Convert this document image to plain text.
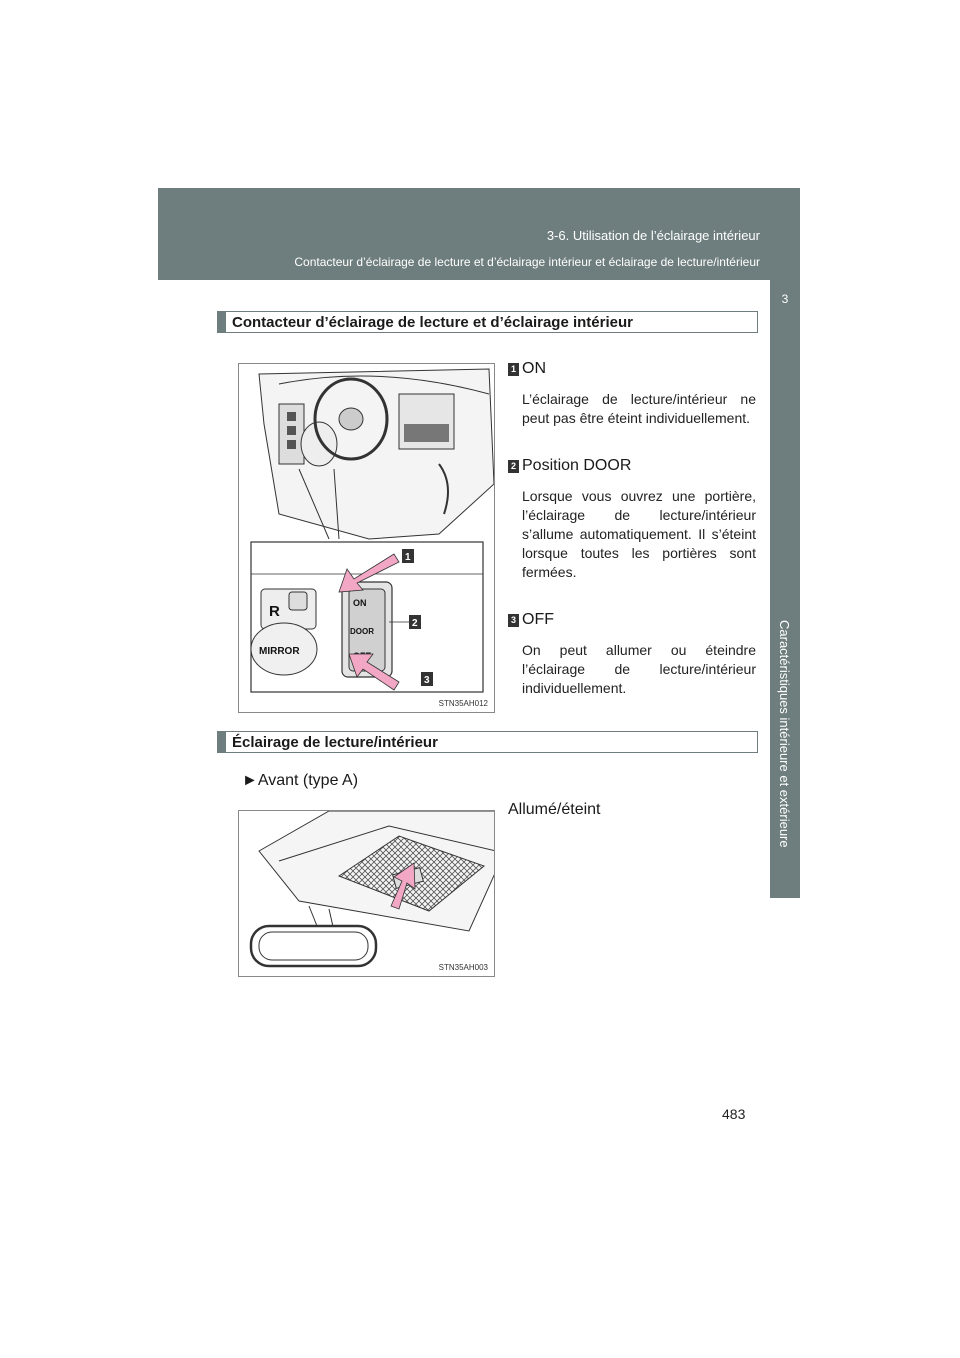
3-6. Utilisation de l’éclairage intérieur
Contacteur d’éclairage de lecture et d’éclairage intérieur et éclairage de lecture/intérieur
3
Caractéristiques intérieure et extérieure
Contacteur d’éclairage de lecture et d’éclairage intérieur
R
MIRROR
ON
DOOR
1
2
3
STN35AH012
1 ON
L’éclairage de lecture/intérieur ne peut pas être éteint individuellement.
2 Position DOOR
Lorsque vous ouvrez une portière, l’éclairage de lecture/intérieur s’allume automatiquement. Il s’éteint lorsque toutes les portières sont fermées.
3 OFF
On peut allumer ou éteindre l’éclairage de lecture/intérieur individuellement.
Éclairage de lecture/intérieur
►Avant (type A)
Allumé/éteint
STN35AH003
483
